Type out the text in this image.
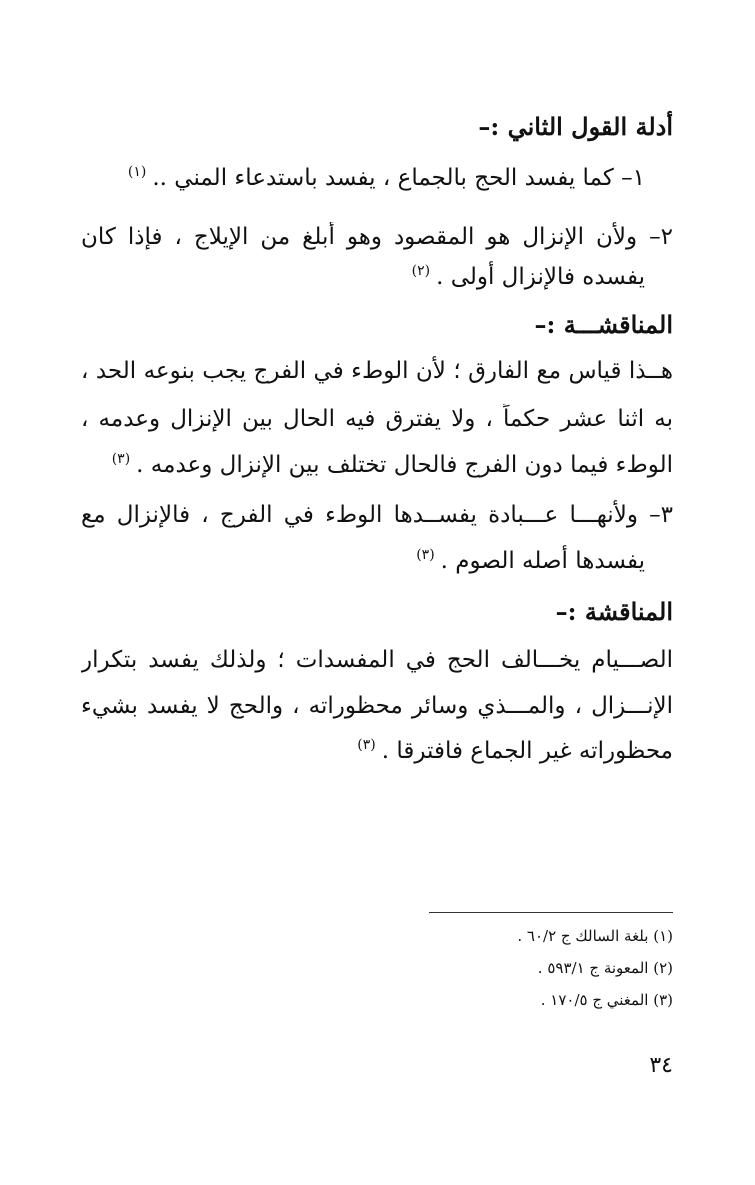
أدلة القول الثاني :–
١– كما يفسد الحج بالجماع ، يفسد باستدعاء المني ..$^{(١)}$
٢– ولأن الإنزال هو المقصود وهو أبلغ من الإيلاج ، فإذا كان
يفسده فالإنزال أولى .$^{(٢)}$
المناقشـــة :–
هــذا قياس مع الفارق ؛ لأن الوطء في الفرج يجب بنوعه الحد ،
به اثنا عشر حكماً ، ولا يفترق فيه الحال بين الإنزال وعدمه ،
الوطء فيما دون الفرج فالحال تختلف بين الإنزال وعدمه .$^{(٣)}$
٣– ولأنهـــا عـــبادة يفســدها الوطء في الفرج ، فالإنزال مع
يفسدها أصله الصوم .$^{(٣)}$
المناقشة :–
الصـــيام يخـــالف الحج في المفسدات ؛ ولذلك يفسد بتكرار
الإنـــزال ، والمـــذي وسائر محظوراته ، والحج لا يفسد بشيء
محظوراته غير الجماع فافترقا .$^{(٣)}$
(١) بلغة السالك ج ٦٠/٢ .
(٢) المعونة ج ٥٩٣/١ .
(٣) المغني ج ١٧٠/٥ .
٣٤
